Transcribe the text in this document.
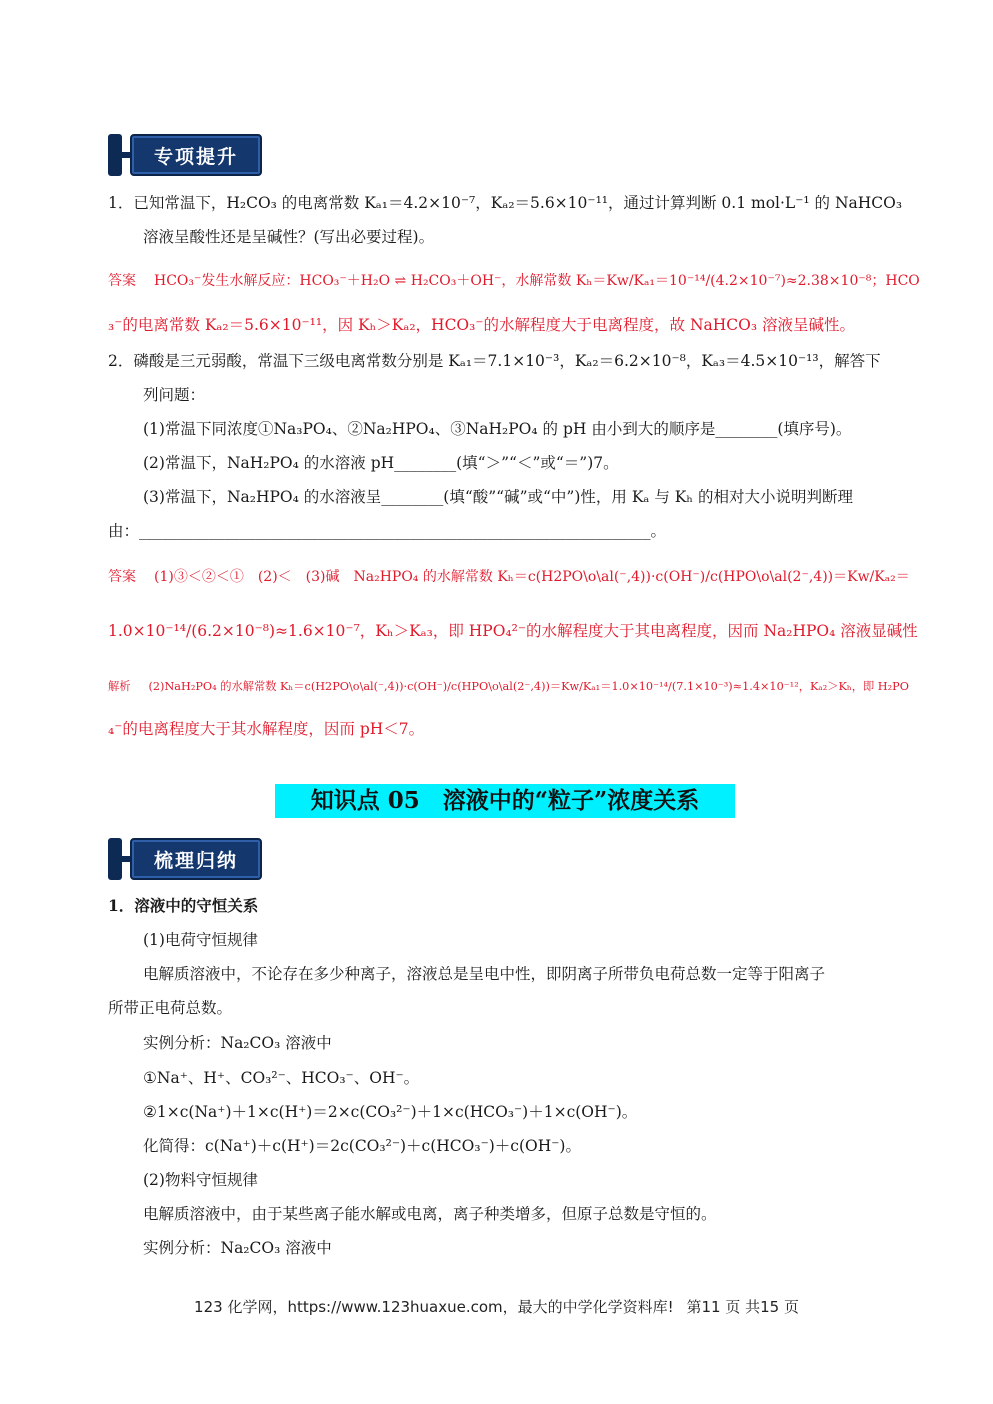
专项提升
1．已知常温下，H₂CO₃ 的电离常数 Kₐ₁＝4.2×10⁻⁷，Kₐ₂＝5.6×10⁻¹¹，通过计算判断 0.1 mol·L⁻¹ 的 NaHCO₃
溶液呈酸性还是呈碱性？(写出必要过程)。
答案 HCO₃⁻发生水解反应：HCO₃⁻＋H₂O ⇌ H₂CO₃＋OH⁻，水解常数 Kₕ＝Kw/Kₐ₁＝10⁻¹⁴/(4.2×10⁻⁷)≈2.38×10⁻⁸；HCO
₃⁻的电离常数 Kₐ₂＝5.6×10⁻¹¹，因 Kₕ＞Kₐ₂，HCO₃⁻的水解程度大于电离程度，故 NaHCO₃ 溶液呈碱性。
2．磷酸是三元弱酸，常温下三级电离常数分别是 Kₐ₁＝7.1×10⁻³，Kₐ₂＝6.2×10⁻⁸，Kₐ₃＝4.5×10⁻¹³，解答下
列问题：
(1)常温下同浓度①Na₃PO₄、②Na₂HPO₄、③NaH₂PO₄ 的 pH 由小到大的顺序是________(填序号)。
(2)常温下，NaH₂PO₄ 的水溶液 pH________(填“＞”“＜”或“＝”)7。
(3)常温下，Na₂HPO₄ 的水溶液呈________(填“酸”“碱”或“中”)性，用 Kₐ 与 Kₕ 的相对大小说明判断理
由：__________________________________________________________________。
答案 (1)③＜②＜①　(2)＜　(3)碱　Na₂HPO₄ 的水解常数 Kₕ＝c(H2PO\o\al(⁻,4))·c(OH⁻)/c(HPO\o\al(2⁻,4))＝Kw/Kₐ₂＝
1.0×10⁻¹⁴/(6.2×10⁻⁸)≈1.6×10⁻⁷，Kₕ＞Kₐ₃，即 HPO₄²⁻的水解程度大于其电离程度，因而 Na₂HPO₄ 溶液显碱性
解析 (2)NaH₂PO₄ 的水解常数 Kₕ＝c(H2PO\o\al(⁻,4))·c(OH⁻)/c(HPO\o\al(2⁻,4))＝Kw/Kₐ₁＝1.0×10⁻¹⁴/(7.1×10⁻³)≈1.4×10⁻¹²，Kₐ₂＞Kₕ，即 H₂PO
₄⁻的电离程度大于其水解程度，因而 pH＜7。
知识点 05　溶液中的“粒子”浓度关系
梳理归纳
1．溶液中的守恒关系
(1)电荷守恒规律
电解质溶液中，不论存在多少种离子，溶液总是呈电中性，即阴离子所带负电荷总数一定等于阳离子
所带正电荷总数。
实例分析：Na₂CO₃ 溶液中
①Na⁺、H⁺、CO₃²⁻、HCO₃⁻、OH⁻。
②1×c(Na⁺)＋1×c(H⁺)＝2×c(CO₃²⁻)＋1×c(HCO₃⁻)＋1×c(OH⁻)。
化简得：c(Na⁺)＋c(H⁺)＝2c(CO₃²⁻)＋c(HCO₃⁻)＋c(OH⁻)。
(2)物料守恒规律
电解质溶液中，由于某些离子能水解或电离，离子种类增多，但原子总数是守恒的。
实例分析：Na₂CO₃ 溶液中
123 化学网，https://www.123huaxue.com，最大的中学化学资料库! 第11 页 共15 页
